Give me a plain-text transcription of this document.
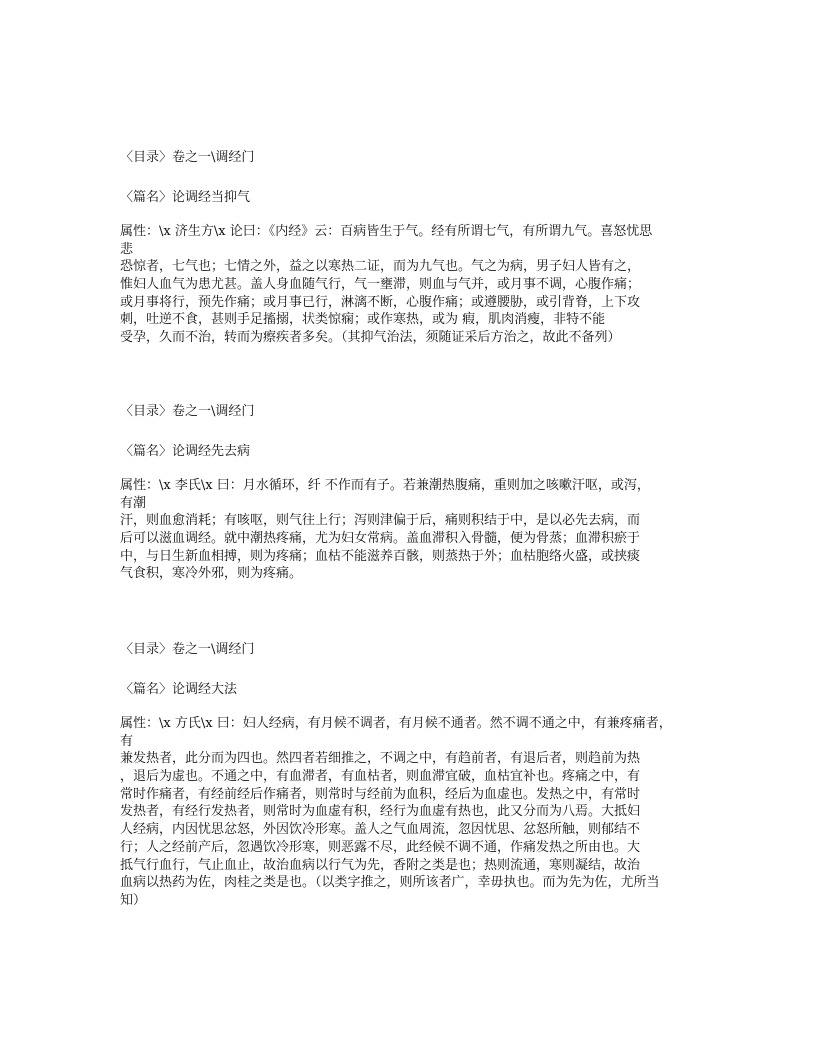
〈目录〉卷之一\调经门
〈篇名〉论调经当抑气
属性：\x 济生方\x 论曰：《内经》云：百病皆生于气。经有所谓七气，有所谓九气。喜怒忧思
悲
恐惊者，七气也；七情之外，益之以寒热二证，而为九气也。气之为病，男子妇人皆有之，
惟妇人血气为患尤甚。盖人身血随气行，气一壅滞，则血与气并，或月事不调，心腹作痛；
或月事将行，预先作痛；或月事已行，淋漓不断，心腹作痛；或遵腰胁，或引背脊，上下攻
刺，吐逆不食，甚则手足搐搦，状类惊痫；或作寒热，或为 瘕，肌肉消瘦，非特不能
受孕，久而不治，转而为瘵疾者多矣。（其抑气治法，须随证采后方治之，故此不备列）
〈目录〉卷之一\调经门
〈篇名〉论调经先去病
属性：\x 李氏\x 曰：月水循环，纤 不作而有子。若兼潮热腹痛，重则加之咳嗽汗呕，或泻，
有潮
汗，则血愈消耗；有咳呕，则气往上行；泻则津偏于后，痛则积结于中，是以必先去病，而
后可以滋血调经。就中潮热疼痛，尤为妇女常病。盖血滞积入骨髓，便为骨蒸；血滞积瘀于
中，与日生新血相搏，则为疼痛；血枯不能滋养百骸，则蒸热于外；血枯胞络火盛，或挟痰
气食积，寒冷外邪，则为疼痛。
〈目录〉卷之一\调经门
〈篇名〉论调经大法
属性：\x 方氏\x 曰：妇人经病，有月候不调者，有月候不通者。然不调不通之中，有兼疼痛者，
有
兼发热者，此分而为四也。然四者若细推之，不调之中，有趋前者，有退后者，则趋前为热
，退后为虚也。不通之中，有血滞者，有血枯者，则血滞宜破，血枯宜补也。疼痛之中，有
常时作痛者，有经前经后作痛者，则常时与经前为血积，经后为血虚也。发热之中，有常时
发热者，有经行发热者，则常时为血虚有积，经行为血虚有热也，此又分而为八焉。大抵妇
人经病，内因忧思忿怒，外因饮冷形寒。盖人之气血周流，忽因忧思、忿怒所触，则郁结不
行；人之经前产后，忽遇饮冷形寒，则恶露不尽，此经候不调不通，作痛发热之所由也。大
抵气行血行，气止血止，故治血病以行气为先，香附之类是也；热则流通，寒则凝结，故治
血病以热药为佐，肉桂之类是也。（以类字推之，则所该者广，幸毋执也。而为先为佐，尤所当
知）
